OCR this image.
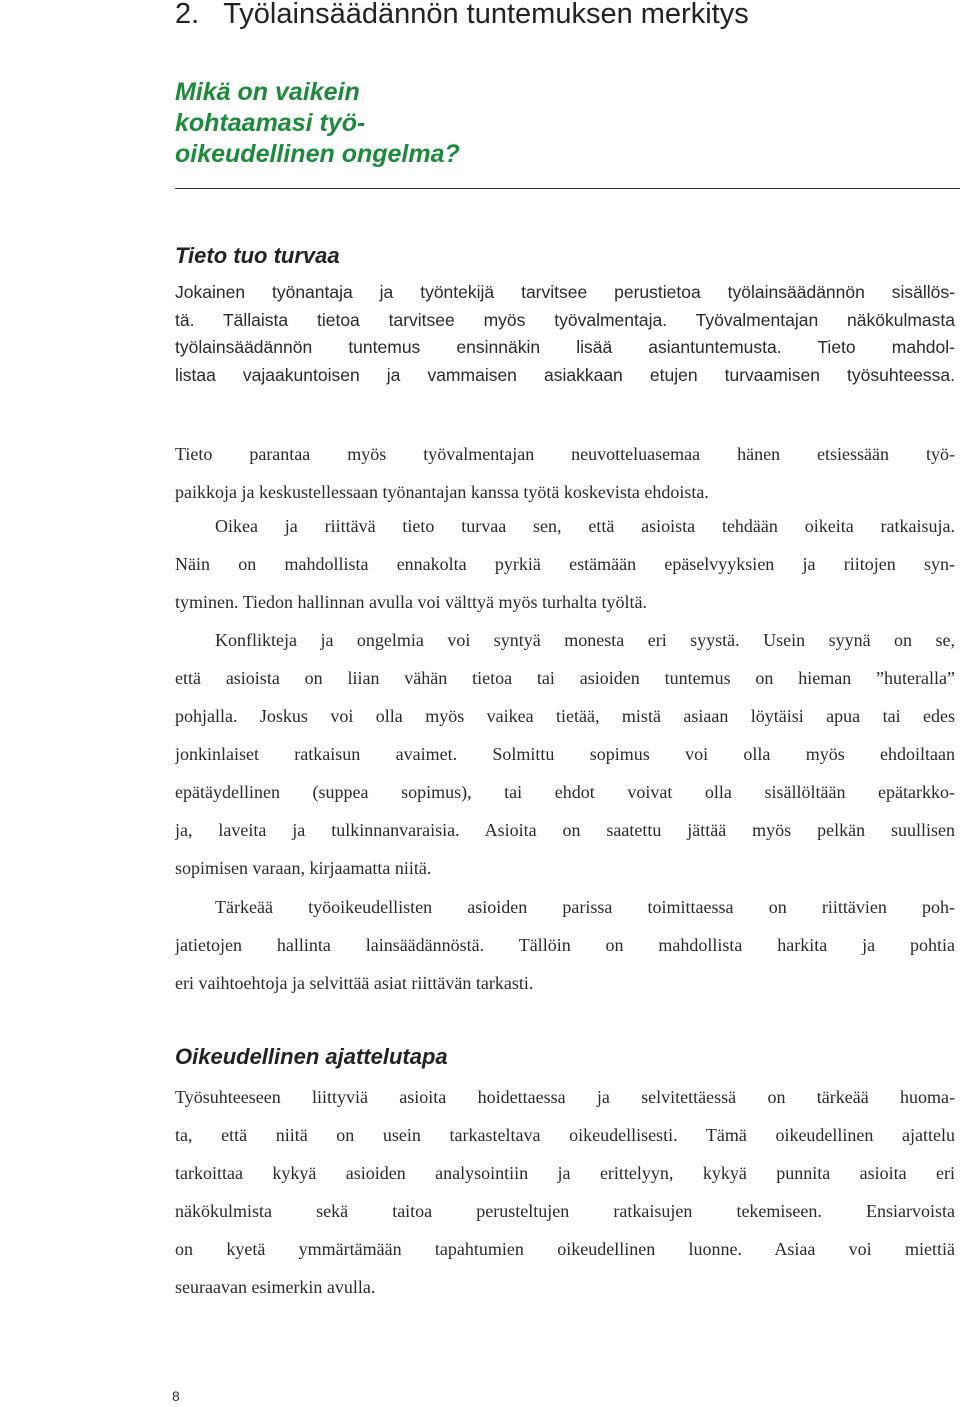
2. Työlainsäädännön tuntemuksen merkitys
Mikä on vaikein
kohtaamasi työ-
oikeudellinen ongelma?
Tieto tuo turvaa
Jokainen työnantaja ja työntekijä tarvitsee perustietoa työlainsäädännön sisällös-
tä. Tällaista tietoa tarvitsee myös työvalmentaja. Työvalmentajan näkökulmasta
työlainsäädännön tuntemus ensinnäkin lisää asiantuntemusta. Tieto mahdol-
listaa vajaakuntoisen ja vammaisen asiakkaan etujen turvaamisen työsuhteessa.
Tieto parantaa myös työvalmentajan neuvotteluasemaa hänen etsiessään työ-
paikkoja ja keskustellessaan työnantajan kanssa työtä koskevista ehdoista.
Oikea ja riittävä tieto turvaa sen, että asioista tehdään oikeita ratkaisuja.
Näin on mahdollista ennakolta pyrkiä estämään epäselvyyksien ja riitojen syn-
tyminen. Tiedon hallinnan avulla voi välttyä myös turhalta työltä.
Konflikteja ja ongelmia voi syntyä monesta eri syystä. Usein syynä on se,
että asioista on liian vähän tietoa tai asioiden tuntemus on hieman ”huteralla”
pohjalla. Joskus voi olla myös vaikea tietää, mistä asiaan löytäisi apua tai edes
jonkinlaiset ratkaisun avaimet. Solmittu sopimus voi olla myös ehdoiltaan
epätäydellinen (suppea sopimus), tai ehdot voivat olla sisällöltään epätarkko-
ja, laveita ja tulkinnanvaraisia. Asioita on saatettu jättää myös pelkän suullisen
sopimisen varaan, kirjaamatta niitä.
Tärkeää työoikeudellisten asioiden parissa toimittaessa on riittävien poh-
jatietojen hallinta lainsäädännöstä. Tällöin on mahdollista harkita ja pohtia
eri vaihtoehtoja ja selvittää asiat riittävän tarkasti.
Oikeudellinen ajattelutapa
Työsuhteeseen liittyviä asioita hoidettaessa ja selvitettäessä on tärkeää huoma-
ta, että niitä on usein tarkasteltava oikeudellisesti. Tämä oikeudellinen ajattelu
tarkoittaa kykyä asioiden analysointiin ja erittelyyn, kykyä punnita asioita eri
näkökulmista sekä taitoa perusteltujen ratkaisujen tekemiseen. Ensiarvoista
on kyetä ymmärtämään tapahtumien oikeudellinen luonne. Asiaa voi miettiä
seuraavan esimerkin avulla.
8
